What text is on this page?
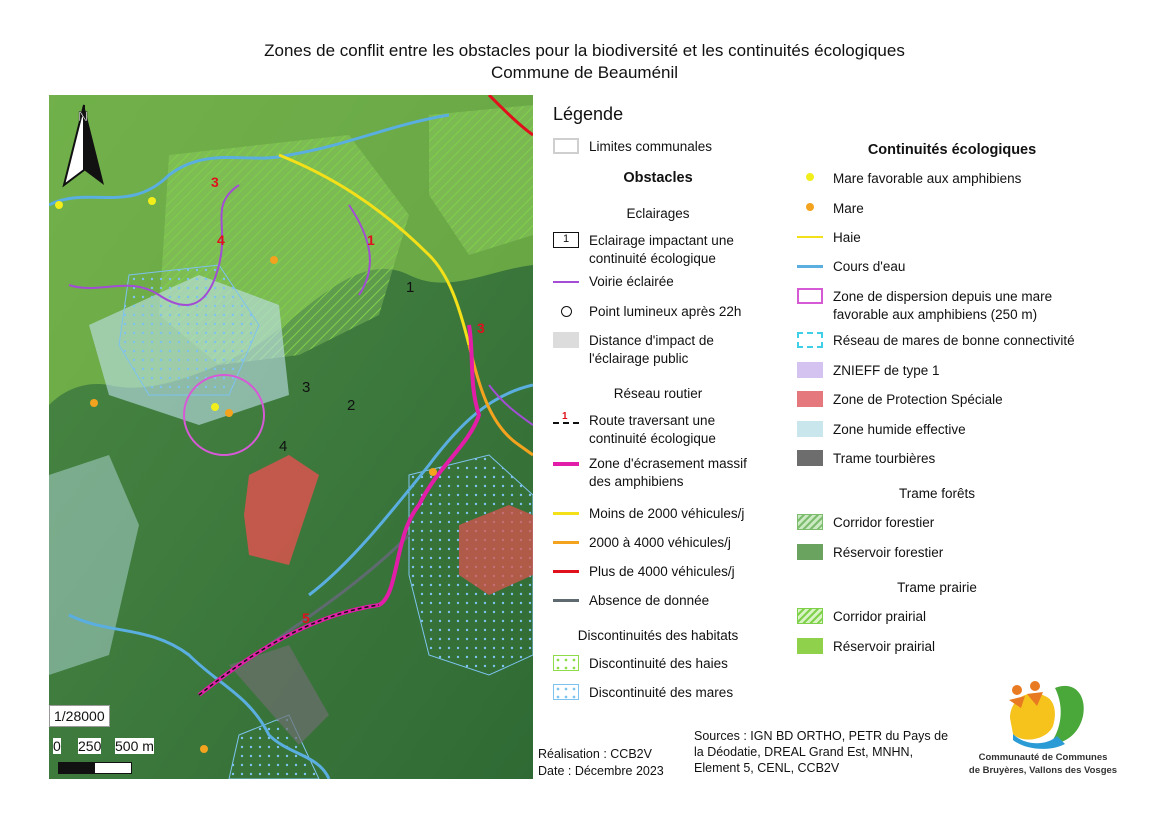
Zones de conflit entre les obstacles pour la biodiversité et les continuités écologiques
Commune de Beauménil
1
2
3
4
1
3
3
4
5
N
1/28000
0 250 500 m
Légende
Limites communales
Obstacles
Eclairages
1	Eclairage impactant une continuité écologique
Voirie éclairée
Point lumineux après 22h
Distance d'impact de l'éclairage public
Réseau routier
1 Route traversant une continuité écologique
Zone d'écrasement massif des amphibiens
Moins de 2000 véhicules/j
2000 à 4000 véhicules/j
Plus de 4000 véhicules/j
Absence de donnée
Discontinuités des habitats
Discontinuité des haies
Discontinuité des mares
Continuités écologiques
Mare favorable aux amphibiens
Mare
Haie
Cours d'eau
Zone de dispersion depuis une mare favorable aux amphibiens (250 m)
Réseau de mares de bonne connectivité
ZNIEFF de type 1
Zone de Protection Spéciale
Zone humide effective
Trame tourbières
Trame forêts
Corridor forestier
Réservoir forestier
Trame prairie
Corridor prairial
Réservoir prairial
Réalisation : CCB2V
Date : Décembre 2023
Sources : IGN BD ORTHO, PETR du Pays de la Déodatie, DREAL Grand Est, MNHN, Element 5, CENL, CCB2V
Communauté de Communes
de Bruyères, Vallons des Vosges
